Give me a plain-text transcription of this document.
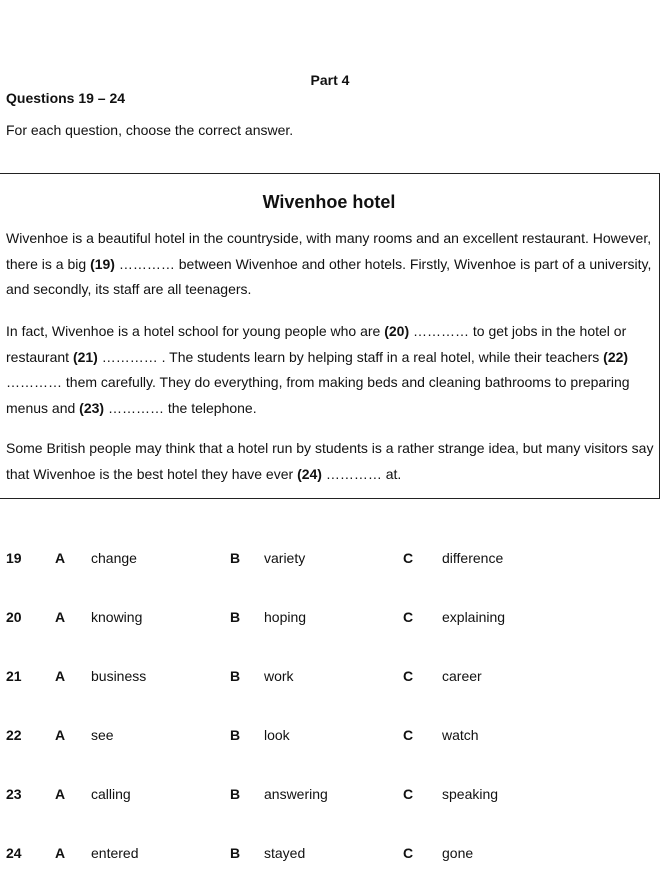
Part 4
Questions 19 – 24
For each question, choose the correct answer.
Wivenhoe hotel

Wivenhoe is a beautiful hotel in the countryside, with many rooms and an excellent restaurant. However, there is a big (19) ………… between Wivenhoe and other hotels. Firstly, Wivenhoe is part of a university, and secondly, its staff are all teenagers.

In fact, Wivenhoe is a hotel school for young people who are (20) ………… to get jobs in the hotel or restaurant (21) ………… . The students learn by helping staff in a real hotel, while their teachers (22) ………… them carefully. They do everything, from making beds and cleaning bathrooms to preparing menus and (23) ………… the telephone.

Some British people may think that a hotel run by students is a rather strange idea, but many visitors say that Wivenhoe is the best hotel they have ever (24) ………… at.

19 A change	B variety	C difference
20 A knowing	B hoping	C explaining
21 A business	B work	C career
22 A see	B look	C watch
23 A calling	B answering	C speaking
24 A entered	B stayed	C gone
